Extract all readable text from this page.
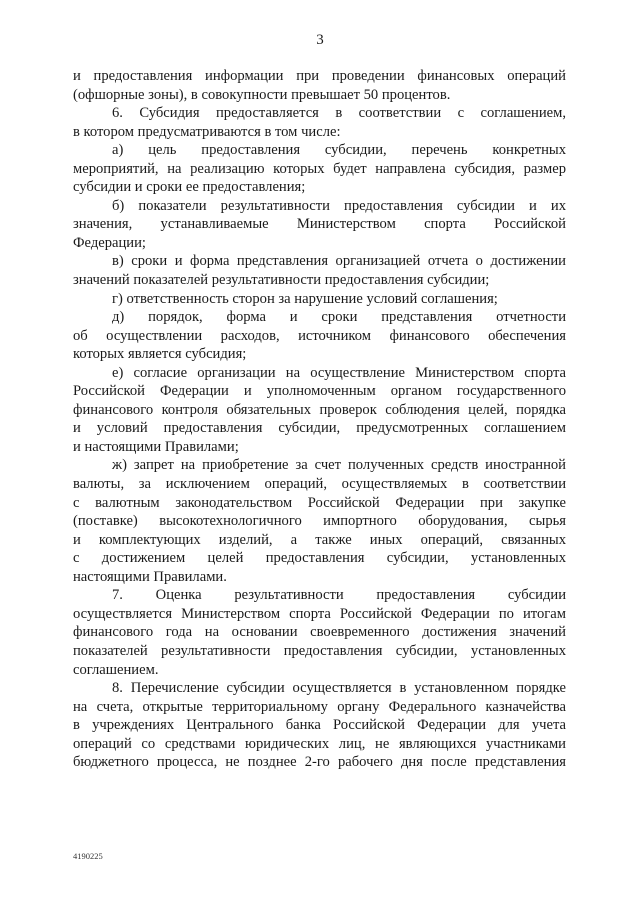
3
и предоставления информации при проведении финансовых операций
(офшорные зоны), в совокупности превышает 50 процентов.
6. Субсидия предоставляется в соответствии с соглашением,
в котором предусматриваются в том числе:
а) цель предоставления субсидии, перечень конкретных
мероприятий, на реализацию которых будет направлена субсидия, размер
субсидии и сроки ее предоставления;
б) показатели результативности предоставления субсидии и их
значения, устанавливаемые Министерством спорта Российской
Федерации;
в) сроки и форма представления организацией отчета о достижении
значений показателей результативности предоставления субсидии;
г) ответственность сторон за нарушение условий соглашения;
д) порядок, форма и сроки представления отчетности
об осуществлении расходов, источником финансового обеспечения
которых является субсидия;
е) согласие организации на осуществление Министерством спорта
Российской Федерации и уполномоченным органом государственного
финансового контроля обязательных проверок соблюдения целей, порядка
и условий предоставления субсидии, предусмотренных соглашением
и настоящими Правилами;
ж) запрет на приобретение за счет полученных средств иностранной
валюты, за исключением операций, осуществляемых в соответствии
с валютным законодательством Российской Федерации при закупке
(поставке) высокотехнологичного импортного оборудования, сырья
и комплектующих изделий, а также иных операций, связанных
с достижением целей предоставления субсидии, установленных
настоящими Правилами.
7. Оценка результативности предоставления субсидии
осуществляется Министерством спорта Российской Федерации по итогам
финансового года на основании своевременного достижения значений
показателей результативности предоставления субсидии, установленных
соглашением.
8. Перечисление субсидии осуществляется в установленном порядке
на счета, открытые территориальному органу Федерального казначейства
в учреждениях Центрального банка Российской Федерации для учета
операций со средствами юридических лиц, не являющихся участниками
бюджетного процесса, не позднее 2-го рабочего дня после представления
4190225
